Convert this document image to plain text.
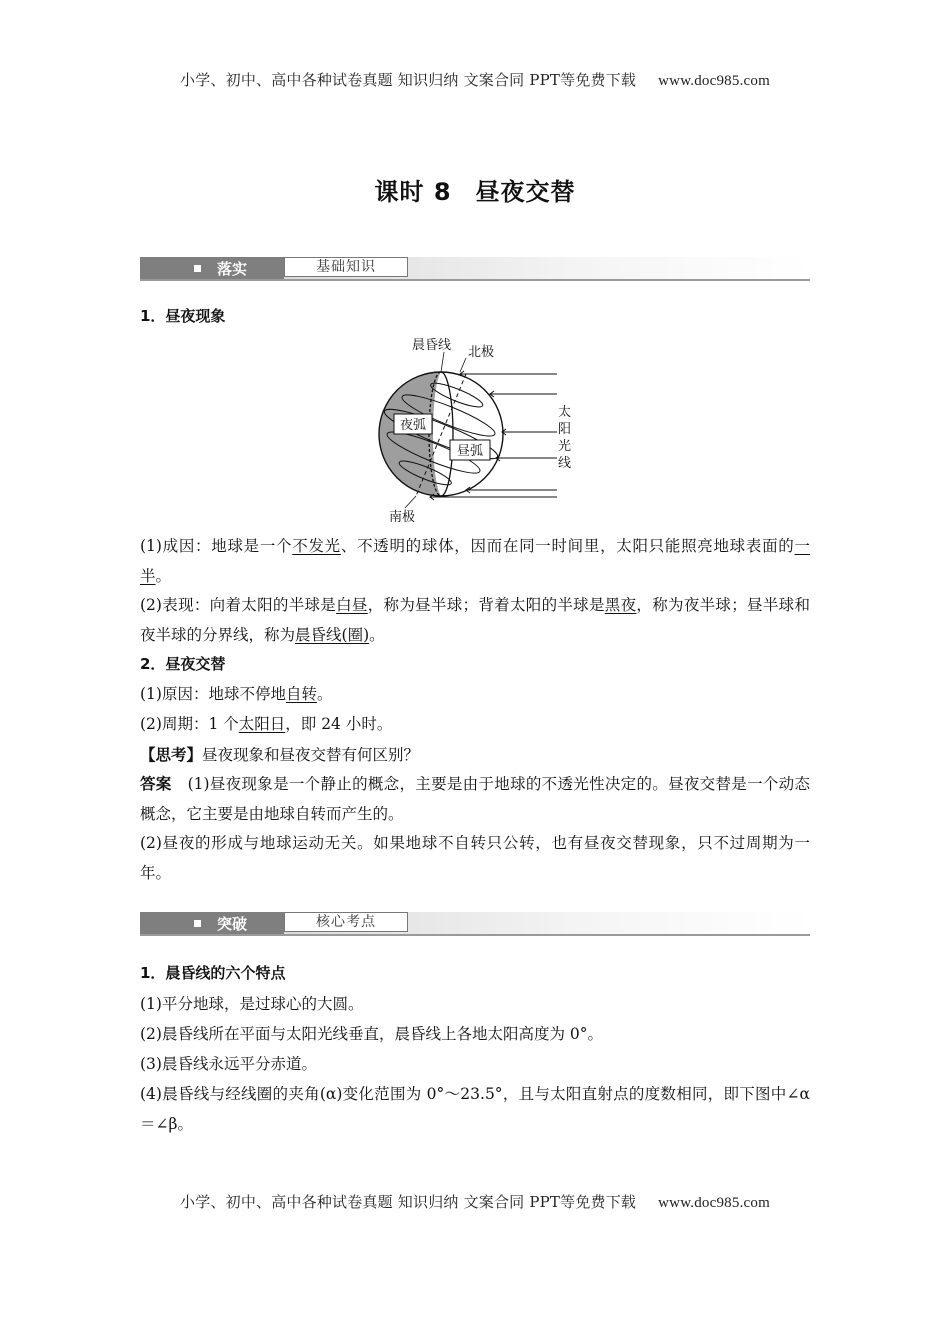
小学、初中、高中各种试卷真题 知识归纳 文案合同 PPT等免费下载 www.doc985.com
课时 8 昼夜交替
落实	基础知识
1．昼夜现象
夜弧
昼弧
晨昏线 北极
南极
太
阳
光
线
(1)成因：地球是一个不发光、不透明的球体，因而在同一时间里，太阳只能照亮地球表面的一半。
(2)表现：向着太阳的半球是白昼，称为昼半球；背着太阳的半球是黑夜，称为夜半球；昼半球和夜半球的分界线，称为晨昏线(圈)。
2．昼夜交替
(1)原因：地球不停地自转。
(2)周期：1 个太阳日，即 24 小时。
【思考】昼夜现象和昼夜交替有何区别？
答案 (1)昼夜现象是一个静止的概念，主要是由于地球的不透光性决定的。昼夜交替是一个动态概念，它主要是由地球自转而产生的。
(2)昼夜的形成与地球运动无关。如果地球不自转只公转，也有昼夜交替现象，只不过周期为一年。
突破	核心考点
1．晨昏线的六个特点
(1)平分地球，是过球心的大圆。
(2)晨昏线所在平面与太阳光线垂直，晨昏线上各地太阳高度为 0°。
(3)晨昏线永远平分赤道。
(4)晨昏线与经线圈的夹角(α)变化范围为 0°～23.5°，且与太阳直射点的度数相同，即下图中∠α＝∠β。
小学、初中、高中各种试卷真题 知识归纳 文案合同 PPT等免费下载 www.doc985.com
